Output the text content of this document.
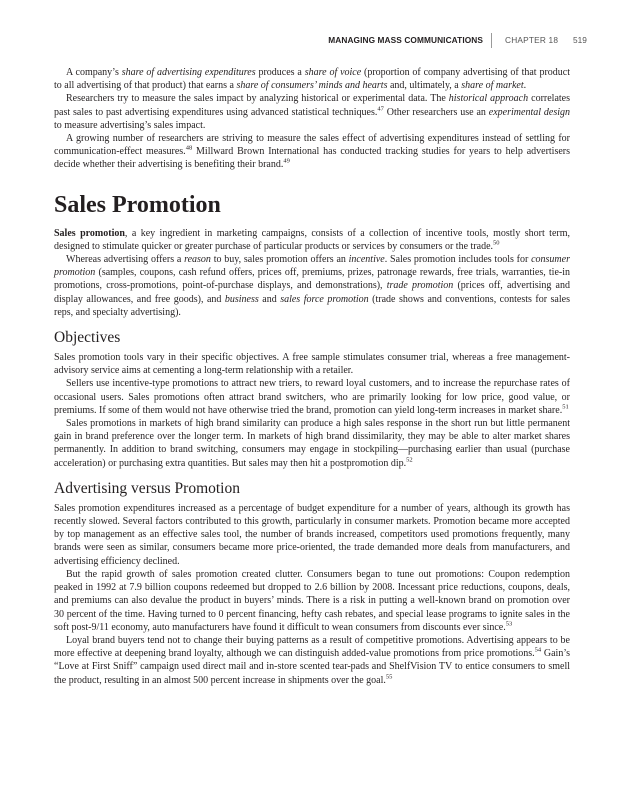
MANAGING MASS COMMUNICATIONS	CHAPTER 18 519

A company’s share of advertising expenditures produces a share of voice (proportion of company advertising of that product to all advertising of that product) that earns a share of consumers’ minds and hearts and, ultimately, a share of market.

Researchers try to measure the sales impact by analyzing historical or experimental data. The historical approach correlates past sales to past advertising expenditures using advanced statistical techniques.$^{47}$ Other researchers use an experimental design to measure advertising’s sales impact.

A growing number of researchers are striving to measure the sales effect of advertising expenditures instead of settling for communication-effect measures.$^{48}$ Millward Brown International has conducted tracking studies for years to help advertisers decide whether their advertising is benefiting their brand.$^{49}$

Sales Promotion

Sales promotion, a key ingredient in marketing campaigns, consists of a collection of incentive tools, mostly short term, designed to stimulate quicker or greater purchase of particular products or services by consumers or the trade.$^{50}$

Whereas advertising offers a reason to buy, sales promotion offers an incentive. Sales promotion includes tools for consumer promotion (samples, coupons, cash refund offers, prices off, premiums, prizes, patronage rewards, free trials, warranties, tie-in promotions, cross-promotions, point-of-purchase displays, and demonstrations), trade promotion (prices off, advertising and display allowances, and free goods), and business and sales force promotion (trade shows and conventions, contests for sales reps, and specialty advertising).

Objectives

Sales promotion tools vary in their specific objectives. A free sample stimulates consumer trial, whereas a free management-advisory service aims at cementing a long-term relationship with a retailer.

Sellers use incentive-type promotions to attract new triers, to reward loyal customers, and to increase the repurchase rates of occasional users. Sales promotions often attract brand switchers, who are primarily looking for low price, good value, or premiums. If some of them would not have otherwise tried the brand, promotion can yield long-term increases in market share.$^{51}$

Sales promotions in markets of high brand similarity can produce a high sales response in the short run but little permanent gain in brand preference over the longer term. In markets of high brand dissimilarity, they may be able to alter market shares permanently. In addition to brand switching, consumers may engage in stockpiling—purchasing earlier than usual (purchase acceleration) or purchasing extra quantities. But sales may then hit a postpromotion dip.$^{52}$

Advertising versus Promotion

Sales promotion expenditures increased as a percentage of budget expenditure for a number of years, although its growth has recently slowed. Several factors contributed to this growth, particularly in consumer markets. Promotion became more accepted by top management as an effective sales tool, the number of brands increased, competitors used promotions frequently, many brands were seen as similar, consumers became more price-oriented, the trade demanded more deals from manufacturers, and advertising efficiency declined.

But the rapid growth of sales promotion created clutter. Consumers began to tune out promotions: Coupon redemption peaked in 1992 at 7.9 billion coupons redeemed but dropped to 2.6 billion by 2008. Incessant price reductions, coupons, deals, and premiums can also devalue the product in buyers’ minds. There is a risk in putting a well-known brand on promotion over 30 percent of the time. Having turned to 0 percent financing, hefty cash rebates, and special lease programs to ignite sales in the soft post-9/11 economy, auto manufacturers have found it difficult to wean consumers from discounts ever since.$^{53}$

Loyal brand buyers tend not to change their buying patterns as a result of competitive promotions. Advertising appears to be more effective at deepening brand loyalty, although we can distinguish added-value promotions from price promotions.$^{54}$ Gain’s “Love at First Sniff” campaign used direct mail and in-store scented tear-pads and ShelfVision TV to entice consumers to smell the product, resulting in an almost 500 percent increase in shipments over the goal.$^{55}$
